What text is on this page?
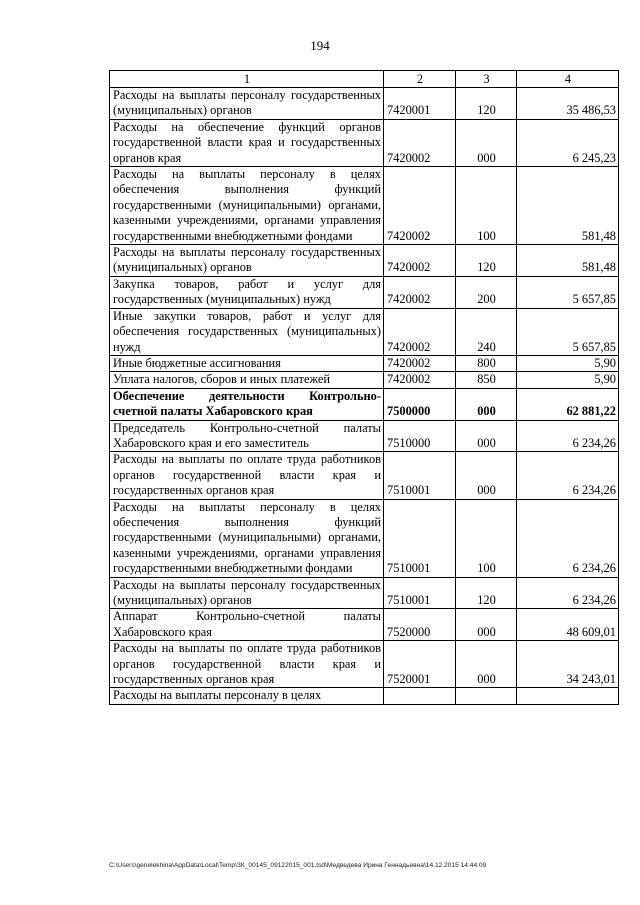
194
1	2	3	4
Расходы на выплаты персоналу государственных (муниципальных) органов	7420001	120	35 486,53
Расходы на обеспечение функций органов государственной власти края и государственных органов края	7420002	000	6 245,23
Расходы на выплаты персоналу в целях обеспечения выполнения функций государственными (муниципальными) органами, казенными учреждениями, органами управления государственными внебюджетными фондами	7420002	100	581,48
Расходы на выплаты персоналу государственных (муниципальных) органов	7420002	120	581,48
Закупка товаров, работ и услуг для государственных (муниципальных) нужд	7420002	200	5 657,85
Иные закупки товаров, работ и услуг для обеспечения государственных (муниципальных) нужд	7420002	240	5 657,85
Иные бюджетные ассигнования	7420002	800	5,90
Уплата налогов, сборов и иных платежей	7420002	850	5,90
Обеспечение деятельности Контрольно-счетной палаты Хабаровского края	7500000	000	62 881,22
Председатель Контрольно-счетной палаты Хабаровского края и его заместитель	7510000	000	6 234,26
Расходы на выплаты по оплате труда работников органов государственной власти края и государственных органов края	7510001	000	6 234,26
Расходы на выплаты персоналу в целях обеспечения выполнения функций государственными (муниципальными) органами, казенными учреждениями, органами управления государственными внебюджетными фондами	7510001	100	6 234,26
Расходы на выплаты персоналу государственных (муниципальных) органов	7510001	120	6 234,26
Аппарат Контрольно-счетной палаты Хабаровского края	7520000	000	48 609,01
Расходы на выплаты по оплате труда работников органов государственной власти края и государственных органов края	7520001	000	34 243,01
Расходы на выплаты персоналу в целях			
C:\Users\genelekhina\AppData\Local\Temp\ЗК_00145_09122015_001.tsd\Медведева Ирина Геннадьевна\14.12.2015 14:44:09
